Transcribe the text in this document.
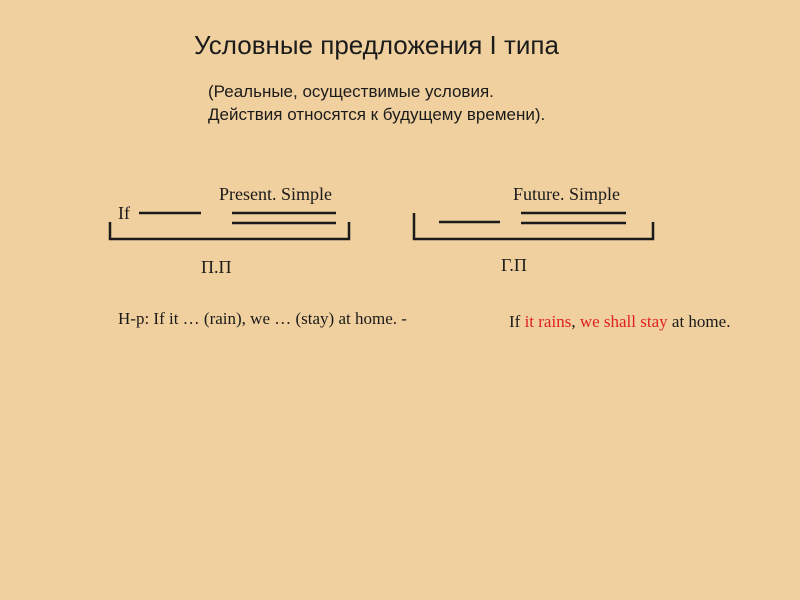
Условные предложения I типа
(Реальные, осуществимые условия.
Действия относятся к будущему времени).
If
Present. Simple	Future. Simple
П.П	Г.П
Н-р: If it … (rain), we … (stay) at home. -	If it rains, we shall stay at home.
